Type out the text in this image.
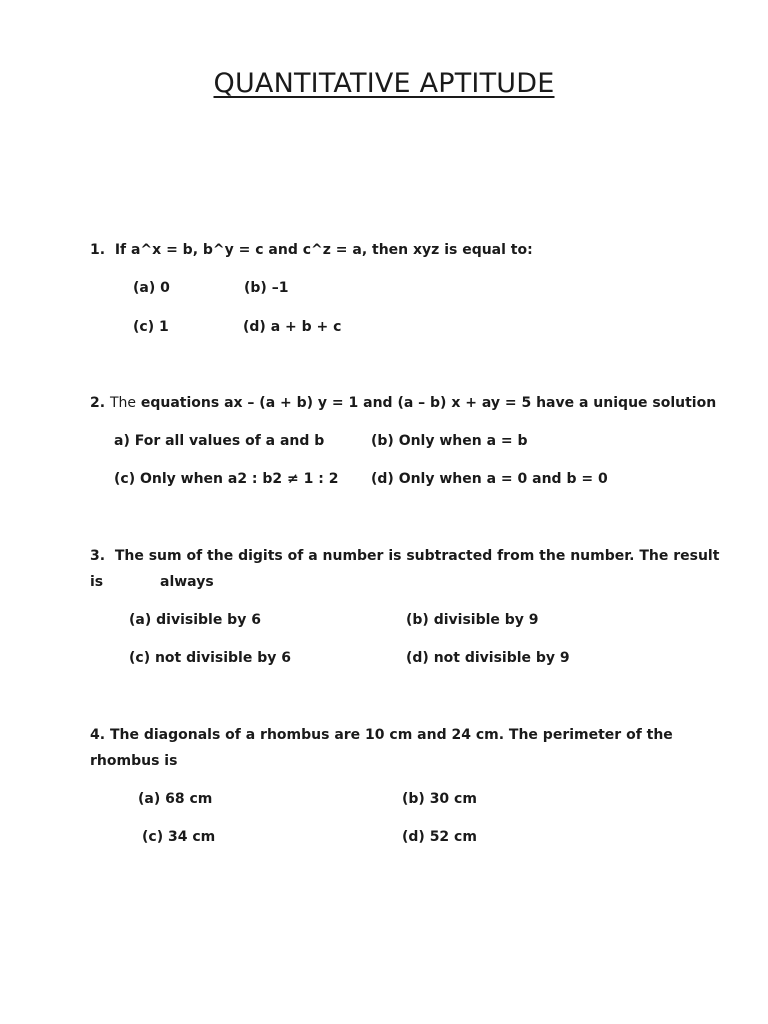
QUANTITATIVE APTITUDE
1. If a^x = b, b^y = c and c^z = a, then xyz is equal to:
(a) 0	(b) –1
(c) 1	(d) a + b + c
2. The equations ax – (a + b) y = 1 and (a – b) x + ay = 5 have a unique solution
a) For all values of a and b	(b) Only when a = b
(c) Only when a2 : b2 ≠ 1 : 2 (d) Only when a = 0 and b = 0
3. The sum of the digits of a number is subtracted from the number. The result
is	always
(a) divisible by 6	(b) divisible by 9
(c) not divisible by 6	(d) not divisible by 9
4. The diagonals of a rhombus are 10 cm and 24 cm. The perimeter of the
rhombus is
(a) 68 cm	(b) 30 cm
(c) 34 cm	(d) 52 cm
